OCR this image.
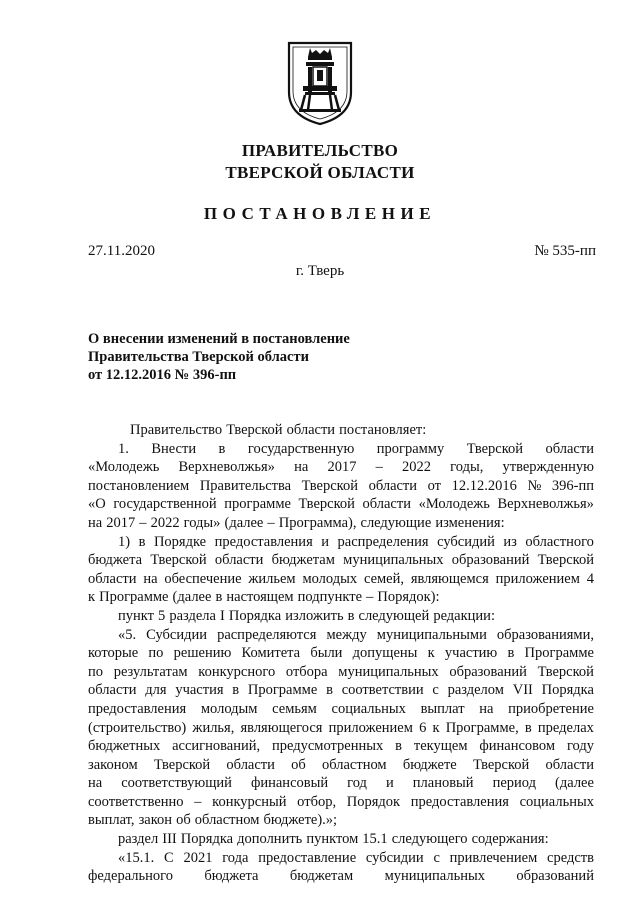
ПРАВИТЕЛЬСТВО
ТВЕРСКОЙ ОБЛАСТИ
ПОСТАНОВЛЕНИЕ
27.11.2020	№ 535-пп
г. Тверь
О внесении изменений в постановление
Правительства Тверской области
от 12.12.2016 № 396-пп
Правительство Тверской области постановляет:
1. Внести в государственную программу Тверской области
«Молодежь Верхневолжья» на 2017 – 2022 годы, утвержденную
постановлением Правительства Тверской области от 12.12.2016 № 396-пп
«О государственной программе Тверской области «Молодежь Верхневолжья»
на 2017 – 2022 годы» (далее – Программа), следующие изменения:
1) в Порядке предоставления и распределения субсидий из областного
бюджета Тверской области бюджетам муниципальных образований Тверской
области на обеспечение жильем молодых семей, являющемся приложением 4
к Программе (далее в настоящем подпункте – Порядок):
пункт 5 раздела I Порядка изложить в следующей редакции:
«5. Субсидии распределяются между муниципальными образованиями,
которые по решению Комитета были допущены к участию в Программе
по результатам конкурсного отбора муниципальных образований Тверской
области для участия в Программе в соответствии с разделом VII Порядка
предоставления молодым семьям социальных выплат на приобретение
(строительство) жилья, являющегося приложением 6 к Программе, в пределах
бюджетных ассигнований, предусмотренных в текущем финансовом году
законом Тверской области об областном бюджете Тверской области
на соответствующий финансовый год и плановый период (далее
соответственно – конкурсный отбор, Порядок предоставления социальных
выплат, закон об областном бюджете).»;
раздел III Порядка дополнить пунктом 15.1 следующего содержания:
«15.1. С 2021 года предоставление субсидии с привлечением средств
федерального бюджета бюджетам муниципальных образований
